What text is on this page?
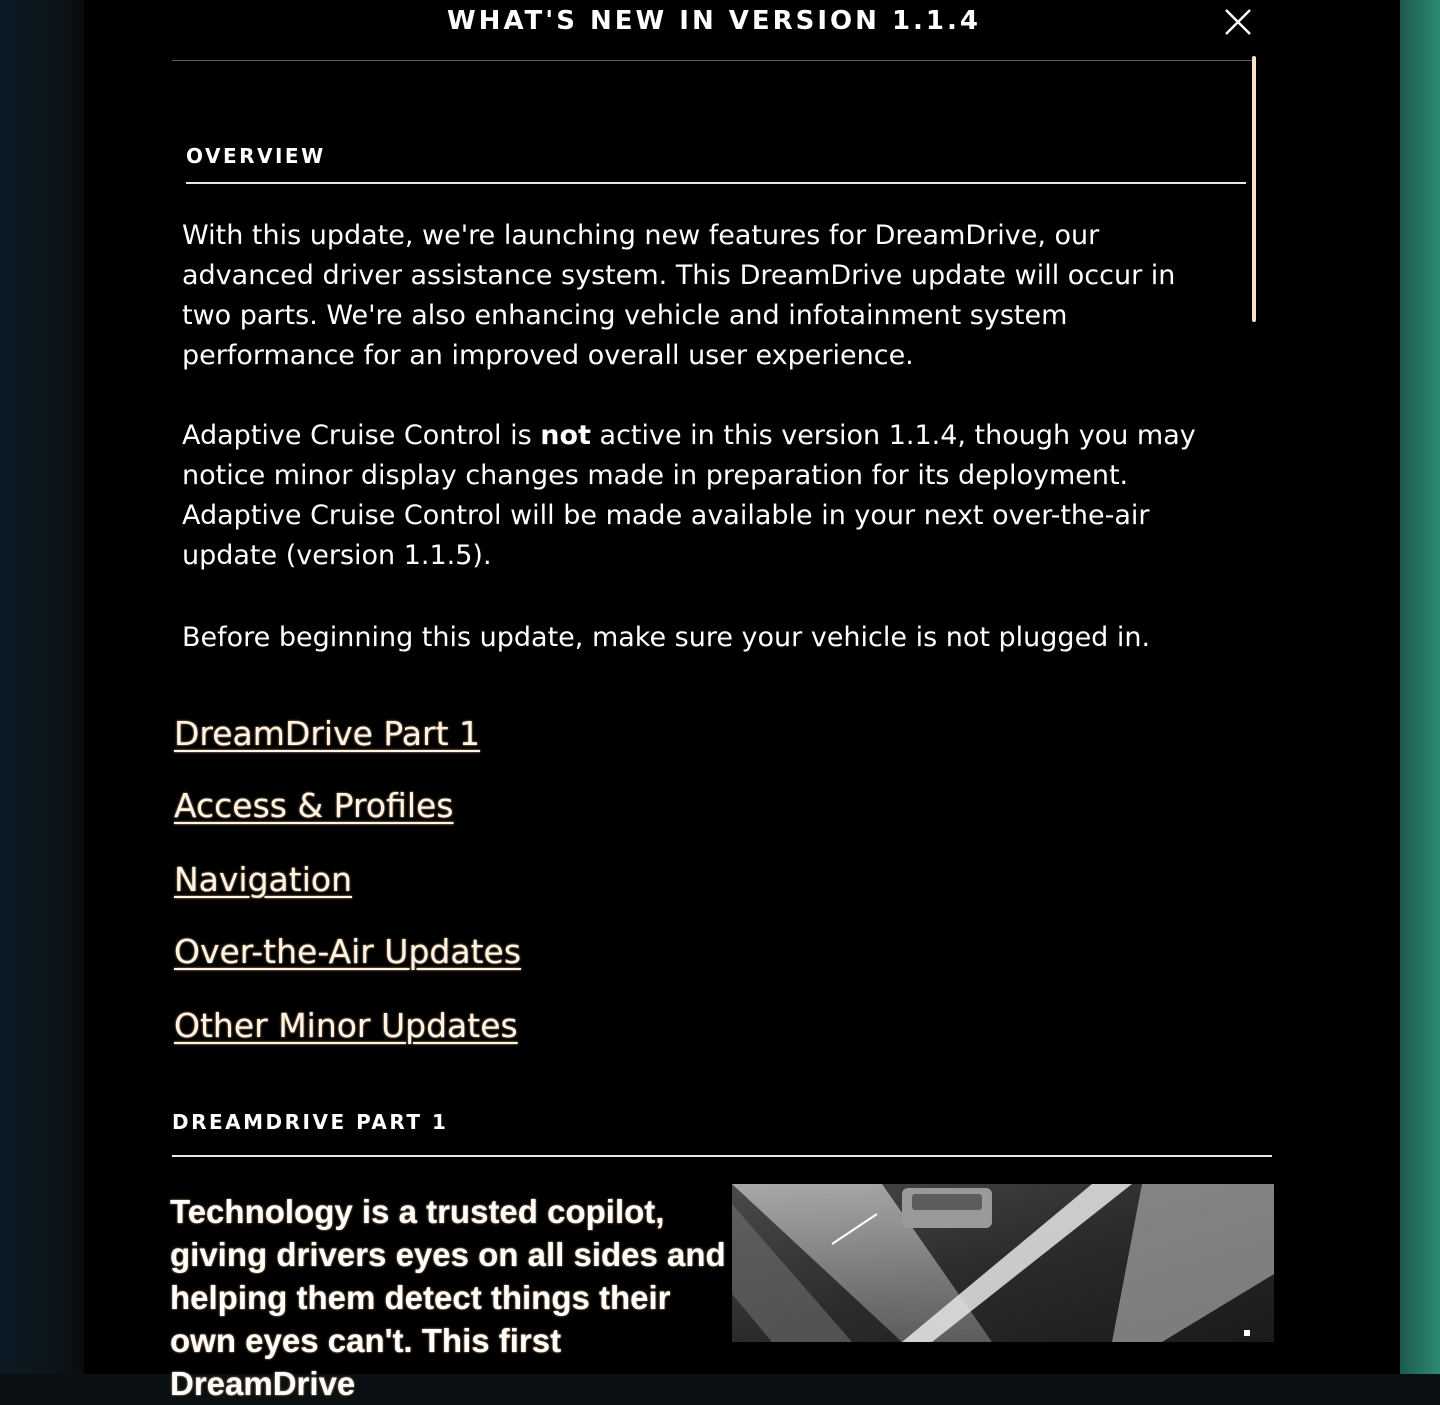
WHAT'S NEW IN VERSION 1.1.4
OVERVIEW
With this update, we're launching new features for DreamDrive, our advanced driver assistance system. This DreamDrive update will occur in two parts. We're also enhancing vehicle and infotainment system performance for an improved overall user experience.
Adaptive Cruise Control is not active in this version 1.1.4, though you may notice minor display changes made in preparation for its deployment. Adaptive Cruise Control will be made available in your next over-the-air update (version 1.1.5).
Before beginning this update, make sure your vehicle is not plugged in.
DreamDrive Part 1
Access & Profiles
Navigation
Over-the-Air Updates
Other Minor Updates
DREAMDRIVE PART 1
Technology is a trusted copilot, giving drivers eyes on all sides and helping them detect things their own eyes can't. This first DreamDrive
